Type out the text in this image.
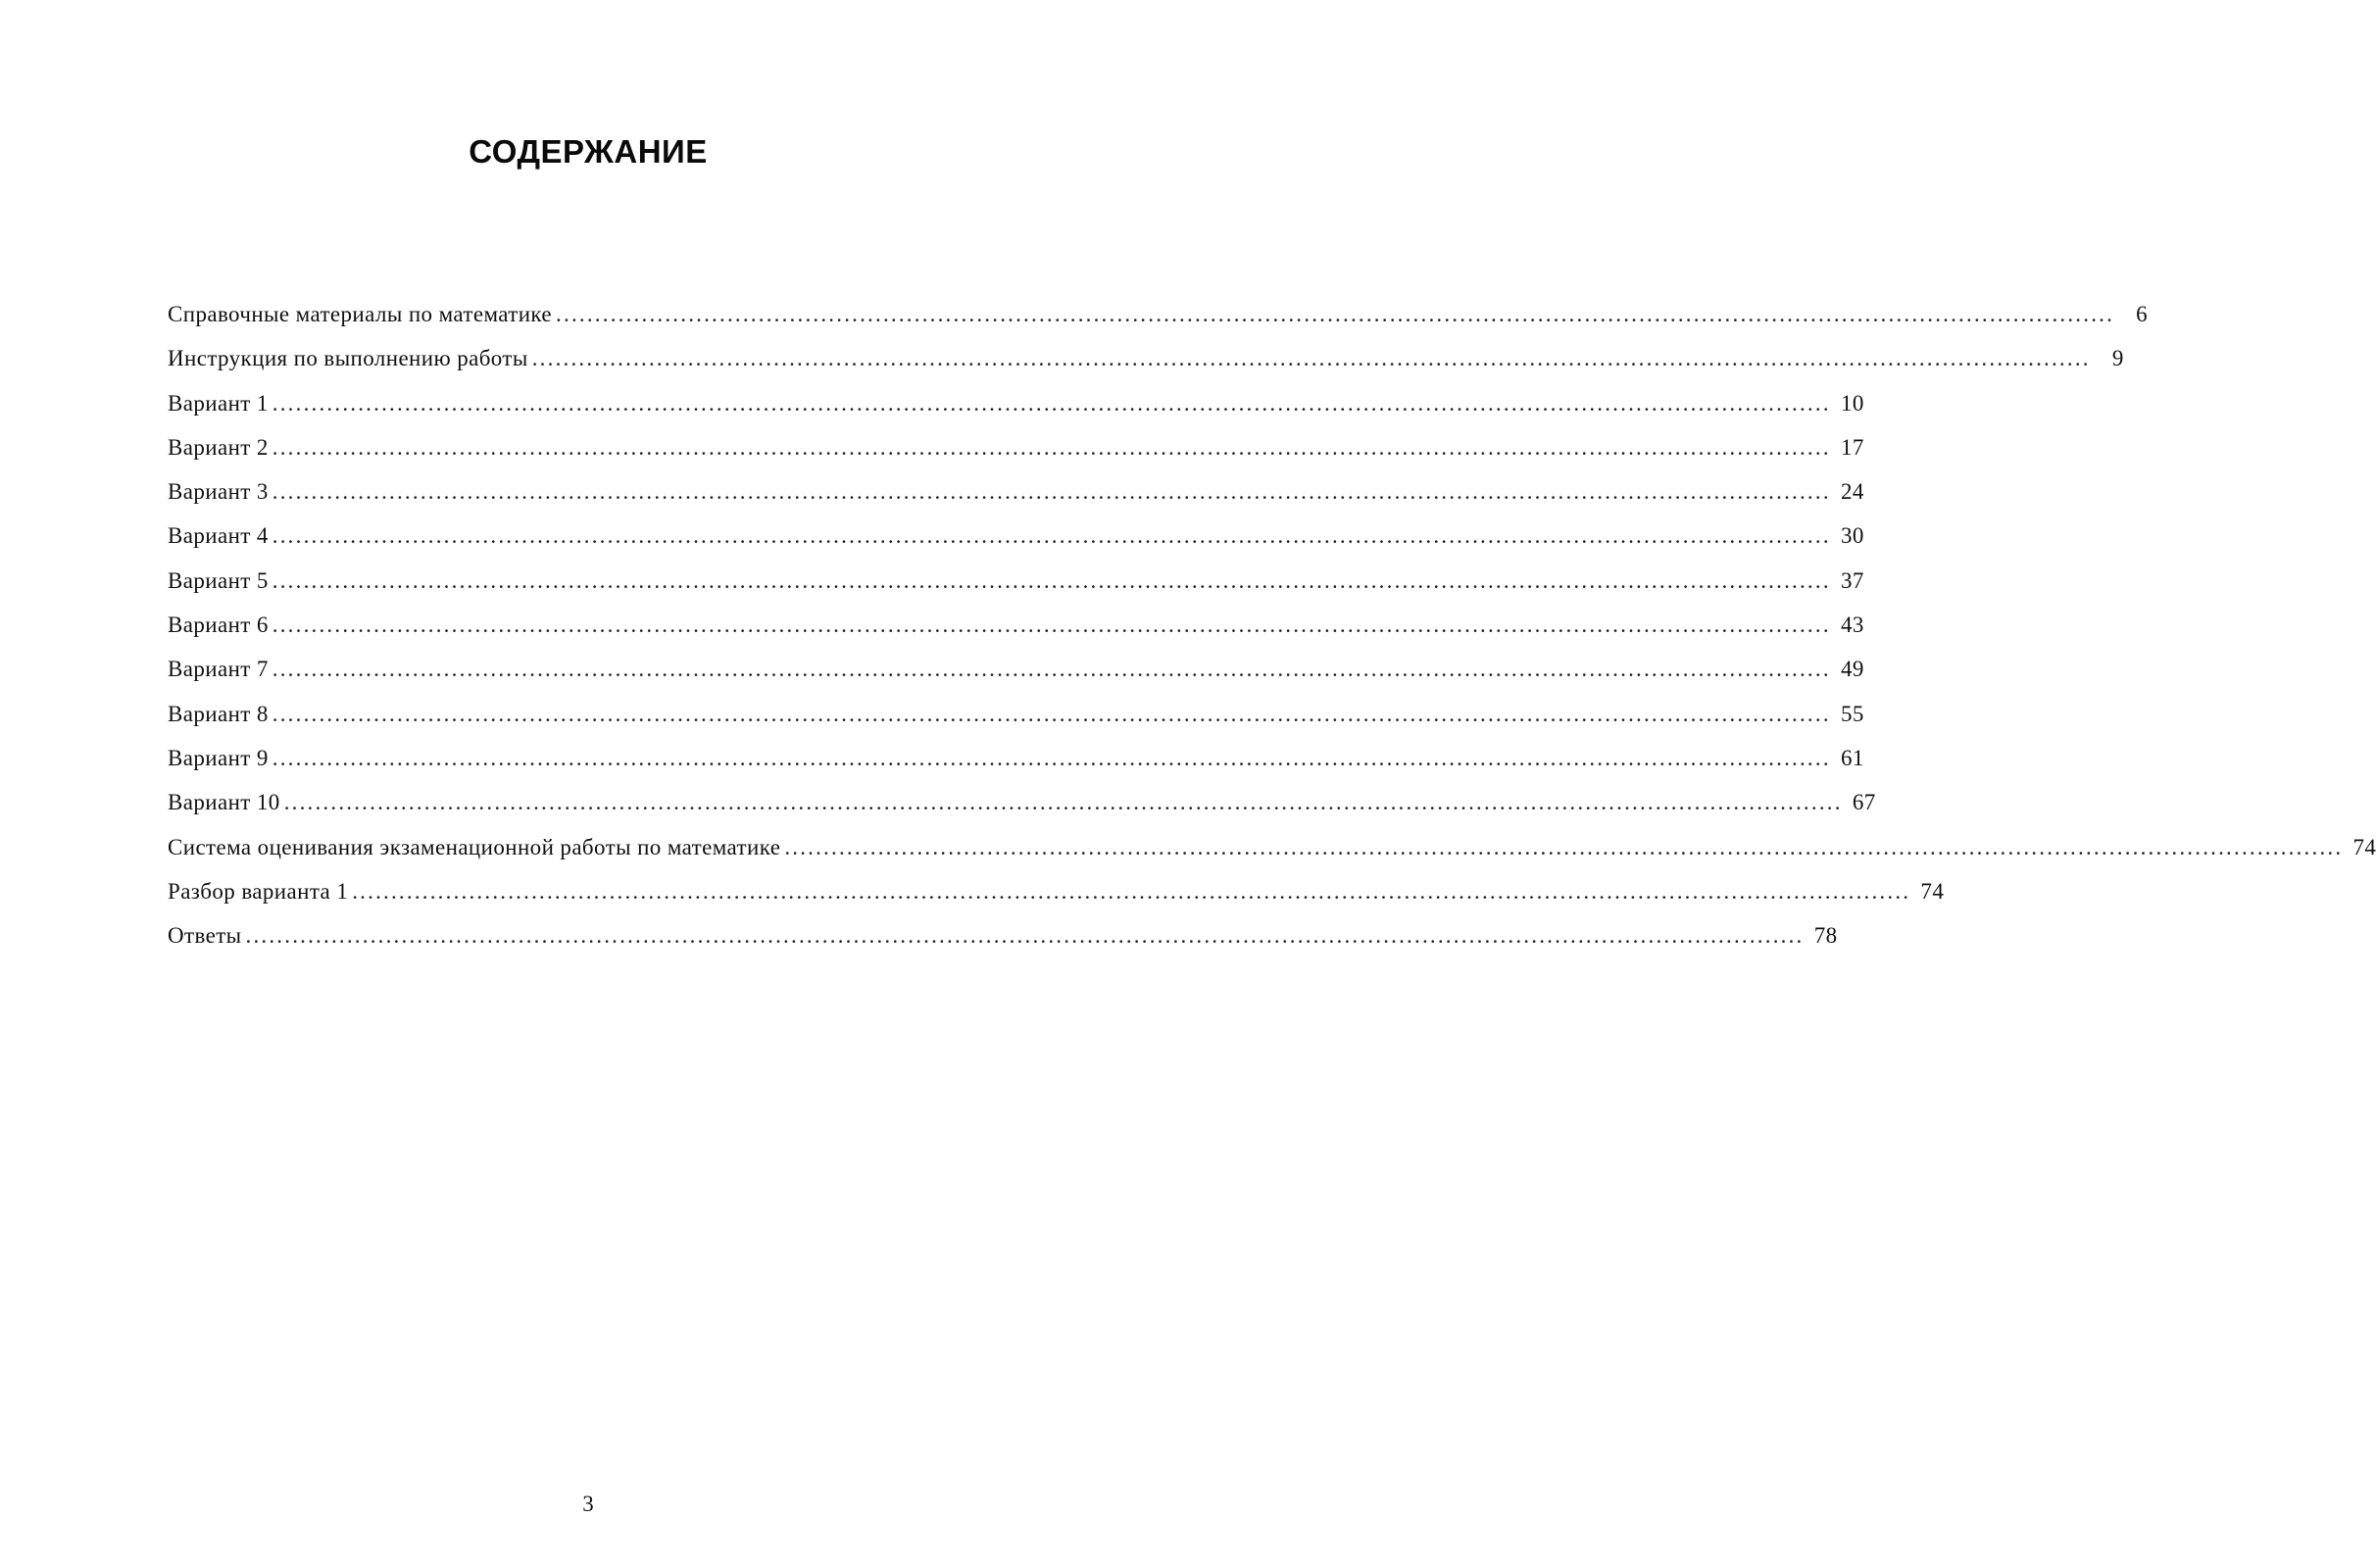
СОДЕРЖАНИЕ
Справочные материалы по математике ........................................................................................................................................................................................................ 6
Инструкция по выполнению работы ........................................................................................................................................................................................................ 9
Вариант 1 ........................................................................................................................................................................................................ 10
Вариант 2 ........................................................................................................................................................................................................ 17
Вариант 3 ........................................................................................................................................................................................................ 24
Вариант 4 ........................................................................................................................................................................................................ 30
Вариант 5 ........................................................................................................................................................................................................ 37
Вариант 6 ........................................................................................................................................................................................................ 43
Вариант 7 ........................................................................................................................................................................................................ 49
Вариант 8 ........................................................................................................................................................................................................ 55
Вариант 9 ........................................................................................................................................................................................................ 61
Вариант 10 ........................................................................................................................................................................................................ 67
Система оценивания экзаменационной работы по математике ........................................................................................................................................................................................................ 74
Разбор варианта 1 ........................................................................................................................................................................................................ 74
Ответы ........................................................................................................................................................................................................ 78
3
